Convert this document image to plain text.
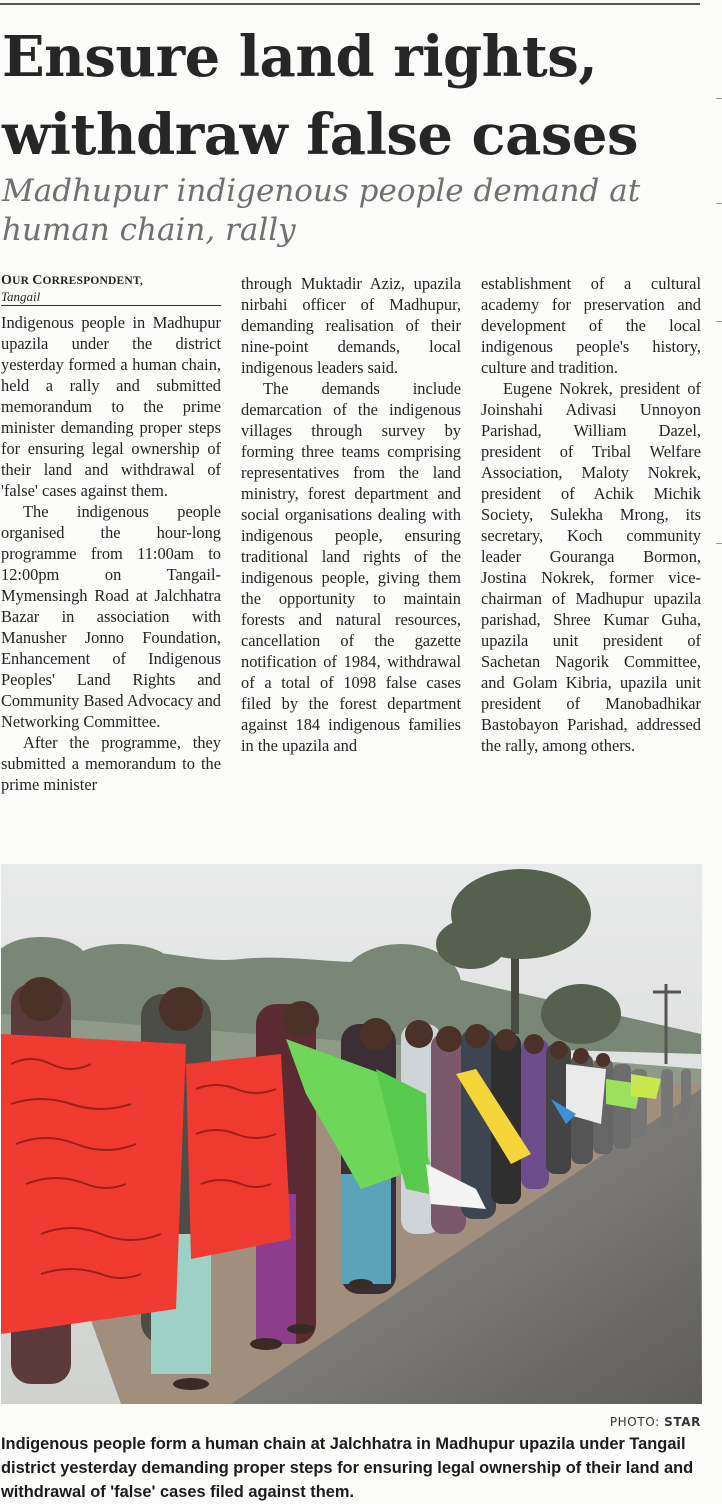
Ensure land rights, withdraw false cases
Madhupur indigenous people demand at human chain, rally

OUR CORRESPONDENT,

Tangail

Indigenous people in Madhupur upazila under the district yesterday formed a human chain, held a rally and submitted memorandum to the prime minister demanding proper steps for ensuring legal ownership of their land and withdrawal of 'false' cases against them.

The indigenous people organised the hour-long programme from 11:00am to 12:00pm on Tangail-Mymensingh Road at Jalchhatra Bazar in association with Manusher Jonno Foundation, Enhancement of Indigenous Peoples' Land Rights and Community Based Advocacy and Networking Committee.

After the programme, they submitted a memorandum to the prime minister

through Muktadir Aziz, upazila nirbahi officer of Madhupur, demanding realisation of their nine-point demands, local indigenous leaders said.

The demands include demarcation of the indigenous villages through survey by forming three teams comprising representatives from the land ministry, forest department and social organisations dealing with indigenous people, ensuring traditional land rights of the indigenous people, giving them the opportunity to maintain forests and natural resources, cancellation of the gazette notification of 1984, withdrawal of a total of 1098 false cases filed by the forest department against 184 indigenous families in the upazila and

establishment of a cultural academy for preservation and development of the local indigenous people's history, culture and tradition.

Eugene Nokrek, president of Joinshahi Adivasi Unnoyon Parishad, William Dazel, president of Tribal Welfare Association, Maloty Nokrek, president of Achik Michik Society, Sulekha Mrong, its secretary, Koch community leader Gouranga Bormon, Jostina Nokrek, former vice-chairman of Madhupur upazila parishad, Shree Kumar Guha, upazila unit president of Sachetan Nagorik Committee, and Golam Kibria, upazila unit president of Manobadhikar Bastobayon Parishad, addressed the rally, among others.

PHOTO: STAR

Indigenous people form a human chain at Jalchhatra in Madhupur upazila under Tangail district yesterday demanding proper steps for ensuring legal ownership of their land and withdrawal of 'false' cases filed against them.
